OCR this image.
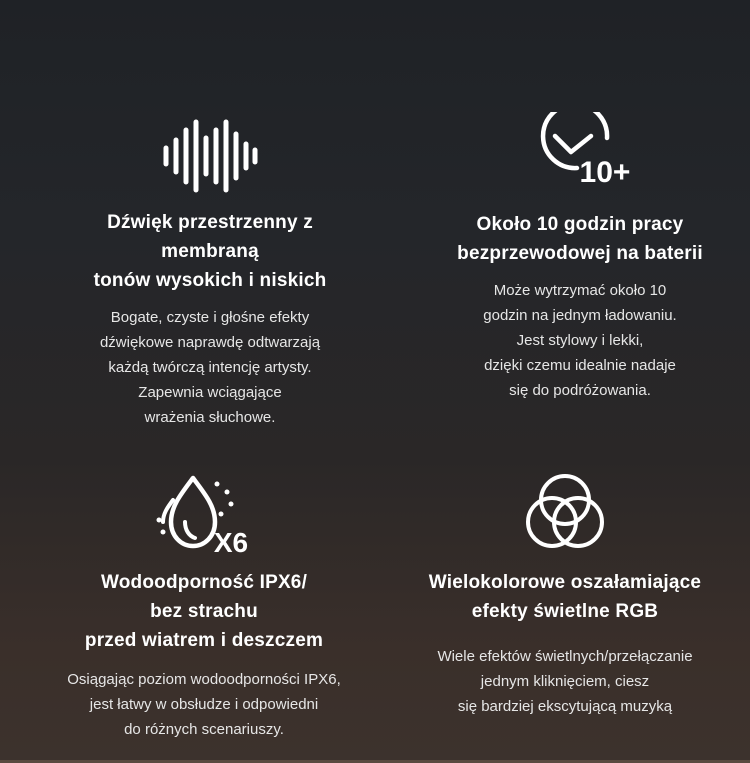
Dźwięk przestrzenny z
membraną
tonów wysokich i niskich
Bogate, czyste i głośne efekty
dźwiękowe naprawdę odtwarzają
każdą twórczą intencję artysty.
Zapewnia wciągające
wrażenia słuchowe.
10+
Około 10 godzin pracy
bezprzewodowej na baterii
Może wytrzymać około 10
godzin na jednym ładowaniu.
Jest stylowy i lekki,
dzięki czemu idealnie nadaje
się do podróżowania.
X6
Wodoodporność IPX6/
bez strachu
przed wiatrem i deszczem
Osiągając poziom wodoodporności IPX6,
jest łatwy w obsłudze i odpowiedni
do różnych scenariuszy.
Wielokolorowe oszałamiające
efekty świetlne RGB
Wiele efektów świetlnych/przełączanie
jednym kliknięciem, ciesz
się bardziej ekscytującą muzyką
